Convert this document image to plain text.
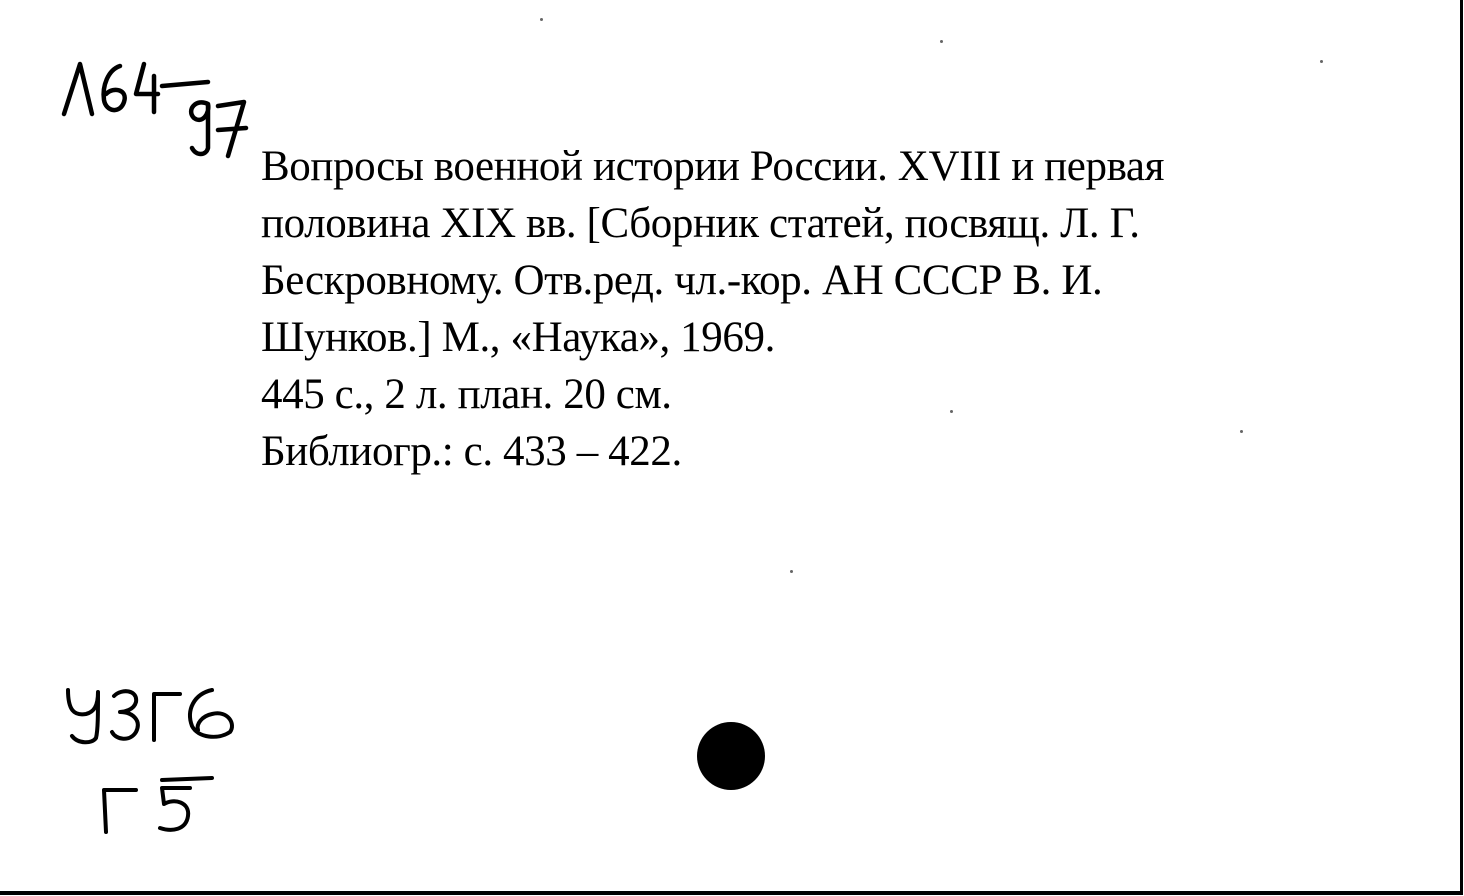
Вопросы военной истории России. XVIII и первая
половина XIX вв. [Сборник статей, посвящ. Л. Г.
Бескровному. Отв.ред. чл.-кор. АН СССР В. И.
Шунков.] М., «Наука», 1969.
445 с., 2 л. план. 20 см.
Библиогр.: с. 433 – 422.
